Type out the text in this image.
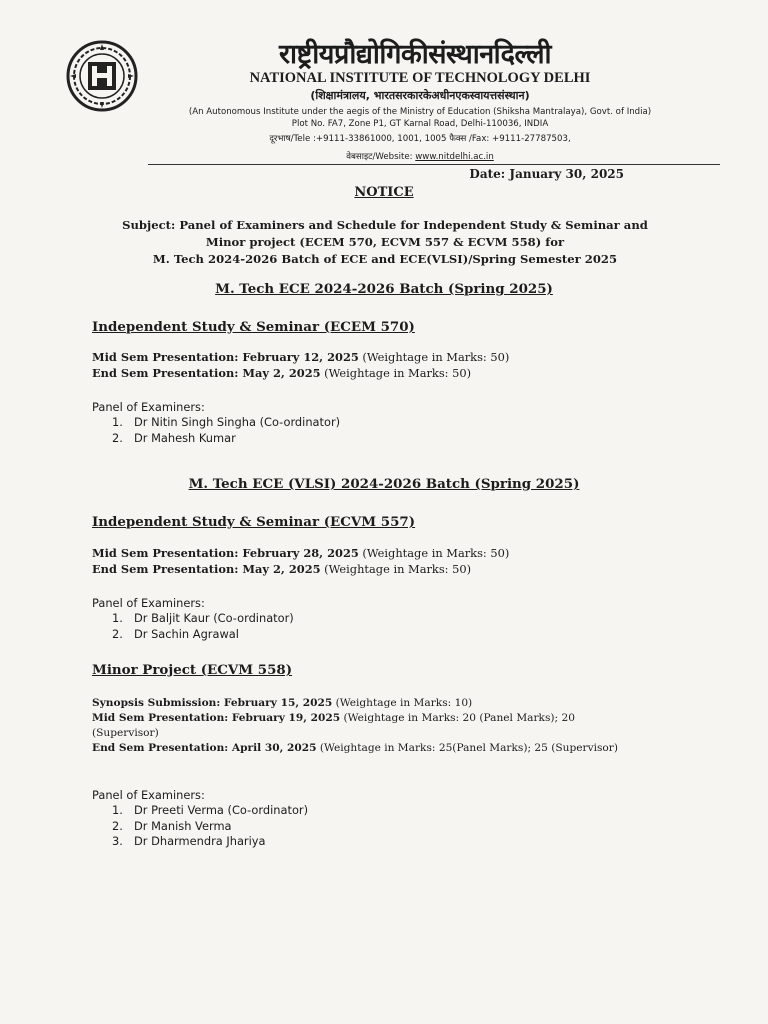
राष्ट्रीयप्रौद्योगिकीसंस्थानदिल्ली
NATIONAL INSTITUTE OF TECHNOLOGY DELHI
(शिक्षामंत्रालय, भारतसरकारकेअधीनएकस्वायत्तसंस्थान)
(An Autonomous Institute under the aegis of the Ministry of Education (Shiksha Mantralaya), Govt. of India)
Plot No. FA7, Zone P1, GT Karnal Road, Delhi-110036, INDIA
दूरभाष/Tele :+9111-33861000, 1001, 1005 फैक्स /Fax: +9111-27787503,
वेबसाइट/Website: www.nitdelhi.ac.in
Date: January 30, 2025
NOTICE
Subject: Panel of Examiners and Schedule for Independent Study & Seminar and
Minor project (ECEM 570, ECVM 557 & ECVM 558) for
M. Tech 2024-2026 Batch of ECE and ECE(VLSI)/Spring Semester 2025
M. Tech ECE 2024-2026 Batch (Spring 2025)
Independent Study & Seminar (ECEM 570)
Mid Sem Presentation: February 12, 2025 (Weightage in Marks: 50)
End Sem Presentation: May 2, 2025 (Weightage in Marks: 50)
Panel of Examiners:
1. Dr Nitin Singh Singha (Co-ordinator)
2. Dr Mahesh Kumar
M. Tech ECE (VLSI) 2024-2026 Batch (Spring 2025)
Independent Study & Seminar (ECVM 557)
Mid Sem Presentation: February 28, 2025 (Weightage in Marks: 50)
End Sem Presentation: May 2, 2025 (Weightage in Marks: 50)
Panel of Examiners:
1. Dr Baljit Kaur (Co-ordinator)
2. Dr Sachin Agrawal
Minor Project (ECVM 558)
Synopsis Submission: February 15, 2025 (Weightage in Marks: 10)
Mid Sem Presentation: February 19, 2025 (Weightage in Marks: 20 (Panel Marks); 20
(Supervisor)
End Sem Presentation: April 30, 2025 (Weightage in Marks: 25(Panel Marks); 25 (Supervisor)
Panel of Examiners:
1. Dr Preeti Verma (Co-ordinator)
2. Dr Manish Verma
3. Dr Dharmendra Jhariya
